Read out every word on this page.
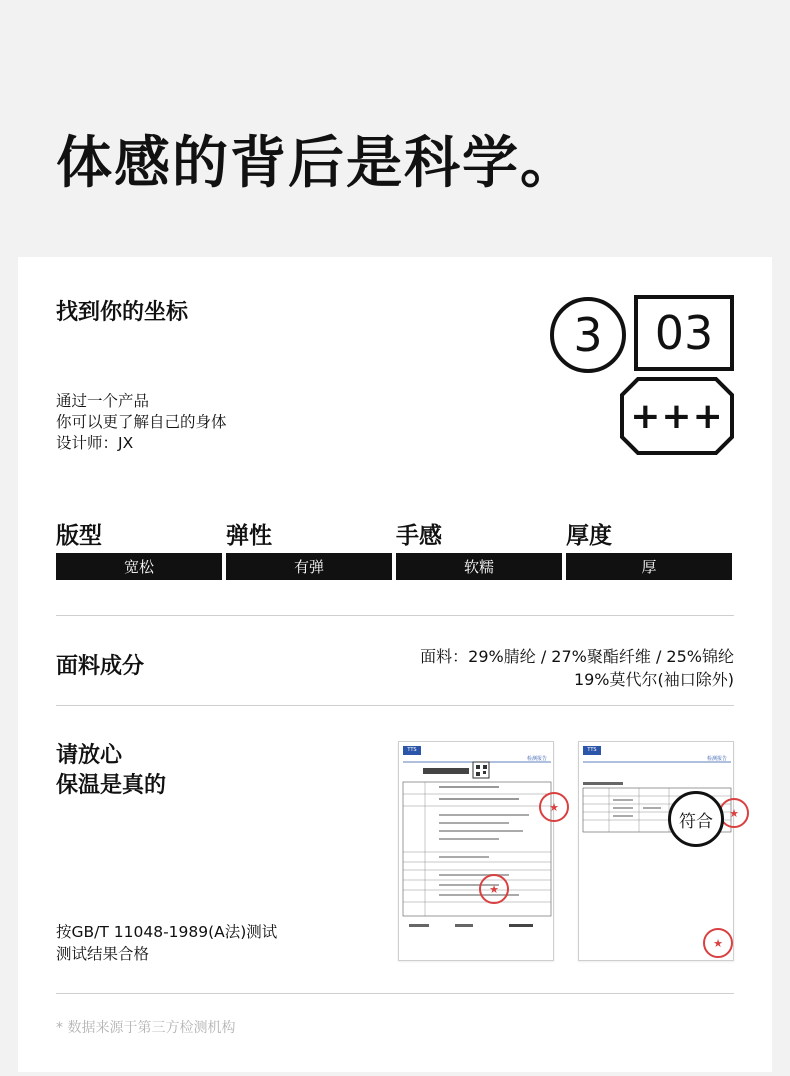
体感的背后是科学。
找到你的坐标
通过一个产品
你可以更了解自己的身体
设计师：JX
3	03
+++
版型	弹性	手感	厚度
宽松	有弹	软糯	厚
面料成分	面料：29%腈纶 / 27%聚酯纤维 / 25%锦纶
19%莫代尔(袖口除外)
请放心
保温是真的
按GB/T 11048-1989(A法)测试
测试结果合格
TTS
检测报告
★
★
TTS
检测报告
★
★
符合
* 数据来源于第三方检测机构
